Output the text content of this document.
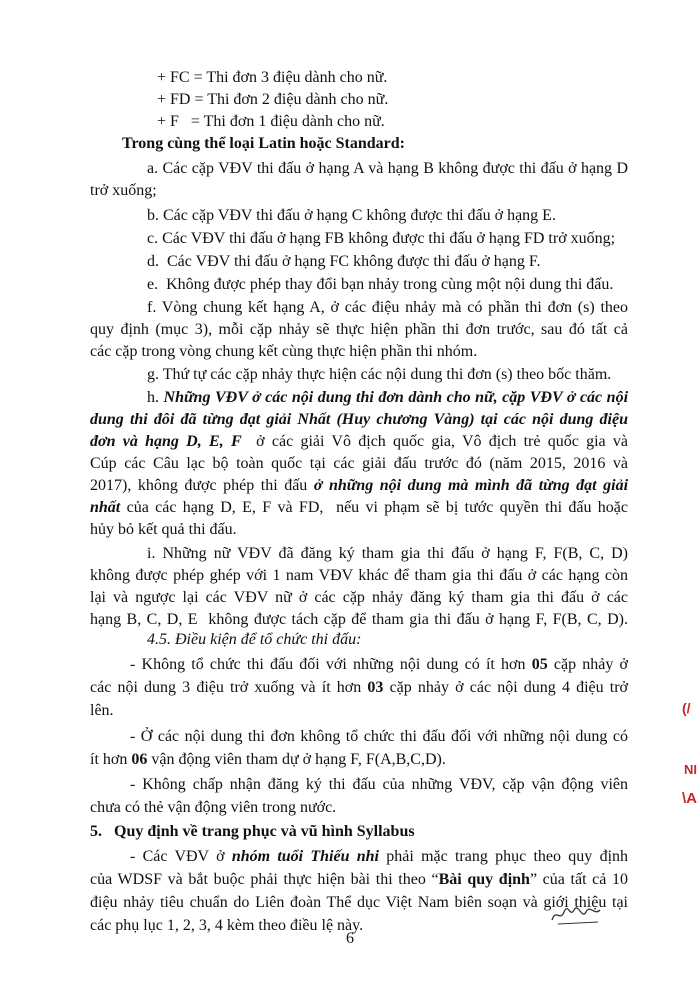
+ FC = Thi đơn 3 điệu dành cho nữ.
+ FD = Thi đơn 2 điệu dành cho nữ.
+ F   = Thi đơn 1 điệu dành cho nữ.
Trong cùng thể loại Latin hoặc Standard:
a. Các cặp VĐV thi đấu ở hạng A và hạng B không được thi đấu ở hạng D
trở xuống;
b. Các cặp VĐV thi đấu ở hạng C không được thi đấu ở hạng E.
c. Các VĐV thi đấu ở hạng FB không được thi đấu ở hạng FD trở xuống;
d.  Các VĐV thi đấu ở hạng FC không được thi đấu ở hạng F.
e.  Không được phép thay đổi bạn nhảy trong cùng một nội dung thi đấu.
f. Vòng chung kết hạng A, ở các điệu nhảy mà có phần thi đơn (s) theo
quy định (mục 3), mỗi cặp nhảy sẽ thực hiện phần thi đơn trước, sau đó tất cả
các cặp trong vòng chung kết cùng thực hiện phần thi nhóm.
g. Thứ tự các cặp nhảy thực hiện các nội dung thi đơn (s) theo bốc thăm.
h. Những VĐV ở các nội dung thi đơn dành cho nữ, cặp VĐV ở các nội
dung thi đôi đã từng đạt giải Nhất (Huy chương Vàng) tại các nội dung điệu
đơn và hạng D, E, F  ở các giải Vô địch quốc gia, Vô địch trẻ quốc gia và
Cúp các Câu lạc bộ toàn quốc tại các giải đấu trước đó (năm 2015, 2016 và
2017), không được phép thi đấu ở những nội dung mà mình đã từng đạt giải
nhất của các hạng D, E, F và FD,  nếu vi phạm sẽ bị tước quyền thi đấu hoặc
hủy bỏ kết quả thi đấu.
i. Những nữ VĐV đã đăng ký tham gia thi đấu ở hạng F, F(B, C, D)
không được phép ghép với 1 nam VĐV khác để tham gia thi đấu ở các hạng còn
lại và ngược lại các VĐV nữ ở các cặp nhảy đăng ký tham gia thi đấu ở các
hạng B, C, D, E  không được tách cặp để tham gia thi đấu ở hạng F, F(B, C, D).
4.5. Điều kiện để tổ chức thi đấu:
- Không tổ chức thi đấu đối với những nội dung có ít hơn 05 cặp nhảy ở
các nội dung 3 điệu trở xuống và ít hơn 03 cặp nhảy ở các nội dung 4 điệu trở
lên.
- Ở các nội dung thi đơn không tổ chức thi đấu đối với những nội dung có
ít hơn 06 vận động viên tham dự ở hạng F, F(A,B,C,D).
- Không chấp nhận đăng ký thi đấu của những VĐV, cặp vận động viên
chưa có thẻ vận động viên trong nước.
5.   Quy định về trang phục và vũ hình Syllabus
- Các VĐV ở nhóm tuổi Thiếu nhi phải mặc trang phục theo quy định
của WDSF và bắt buộc phải thực hiện bài thi theo “Bài quy định” của tất cả 10
điệu nhảy tiêu chuẩn do Liên đoàn Thể dục Việt Nam biên soạn và giới thiệu tại
các phụ lục 1, 2, 3, 4 kèm theo điều lệ này.
6
(/
NI
\A
